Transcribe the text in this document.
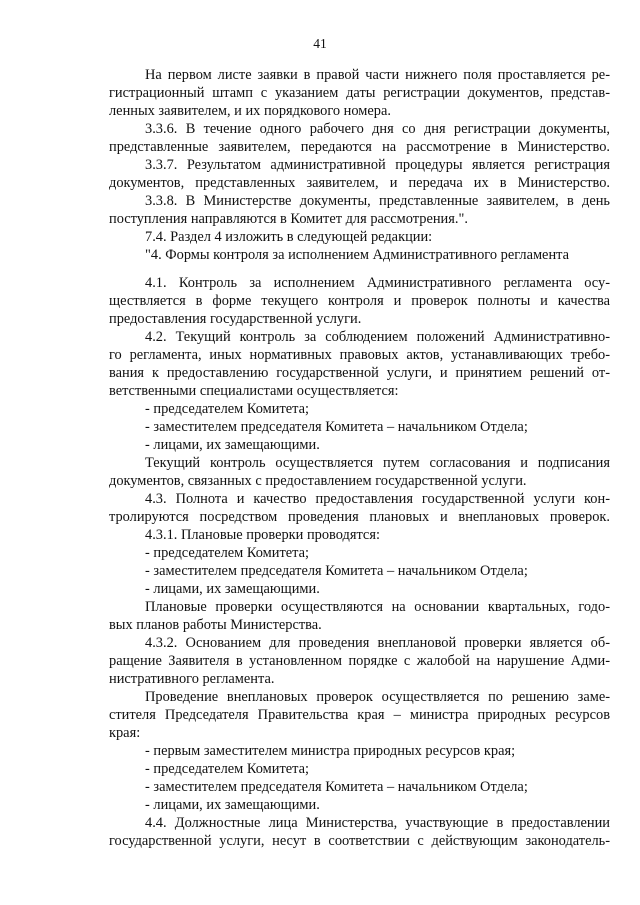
41
На первом листе заявки в правой части нижнего поля проставляется ре-
гистрационный штамп с указанием даты регистрации документов, представ-
ленных заявителем, и их порядкового номера.
3.3.6. В течение одного рабочего дня со дня регистрации документы,
представленные заявителем, передаются на рассмотрение в Министерство.
3.3.7. Результатом административной процедуры является регистрация
документов, представленных заявителем, и передача их в Министерство.
3.3.8. В Министерстве документы, представленные заявителем, в день
поступления направляются в Комитет для рассмотрения.".
7.4. Раздел 4 изложить в следующей редакции:
"4. Формы контроля за исполнением Административного регламента
4.1. Контроль за исполнением Административного регламента осу-
ществляется в форме текущего контроля и проверок полноты и качества
предоставления государственной услуги.
4.2. Текущий контроль за соблюдением положений Административно-
го регламента, иных нормативных правовых актов, устанавливающих требо-
вания к предоставлению государственной услуги, и принятием решений от-
ветственными специалистами осуществляется:
- председателем Комитета;
- заместителем председателя Комитета – начальником Отдела;
- лицами, их замещающими.
Текущий контроль осуществляется путем согласования и подписания
документов, связанных с предоставлением государственной услуги.
4.3. Полнота и качество предоставления государственной услуги кон-
тролируются посредством проведения плановых и внеплановых проверок.
4.3.1. Плановые проверки проводятся:
- председателем Комитета;
- заместителем председателя Комитета – начальником Отдела;
- лицами, их замещающими.
Плановые проверки осуществляются на основании квартальных, годо-
вых планов работы Министерства.
4.3.2. Основанием для проведения внеплановой проверки является об-
ращение Заявителя в установленном порядке с жалобой на нарушение Адми-
нистративного регламента.
Проведение внеплановых проверок осуществляется по решению заме-
стителя Председателя Правительства края – министра природных ресурсов
края:
- первым заместителем министра природных ресурсов края;
- председателем Комитета;
- заместителем председателя Комитета – начальником Отдела;
- лицами, их замещающими.
4.4. Должностные лица Министерства, участвующие в предоставлении
государственной услуги, несут в соответствии с действующим законодатель-
